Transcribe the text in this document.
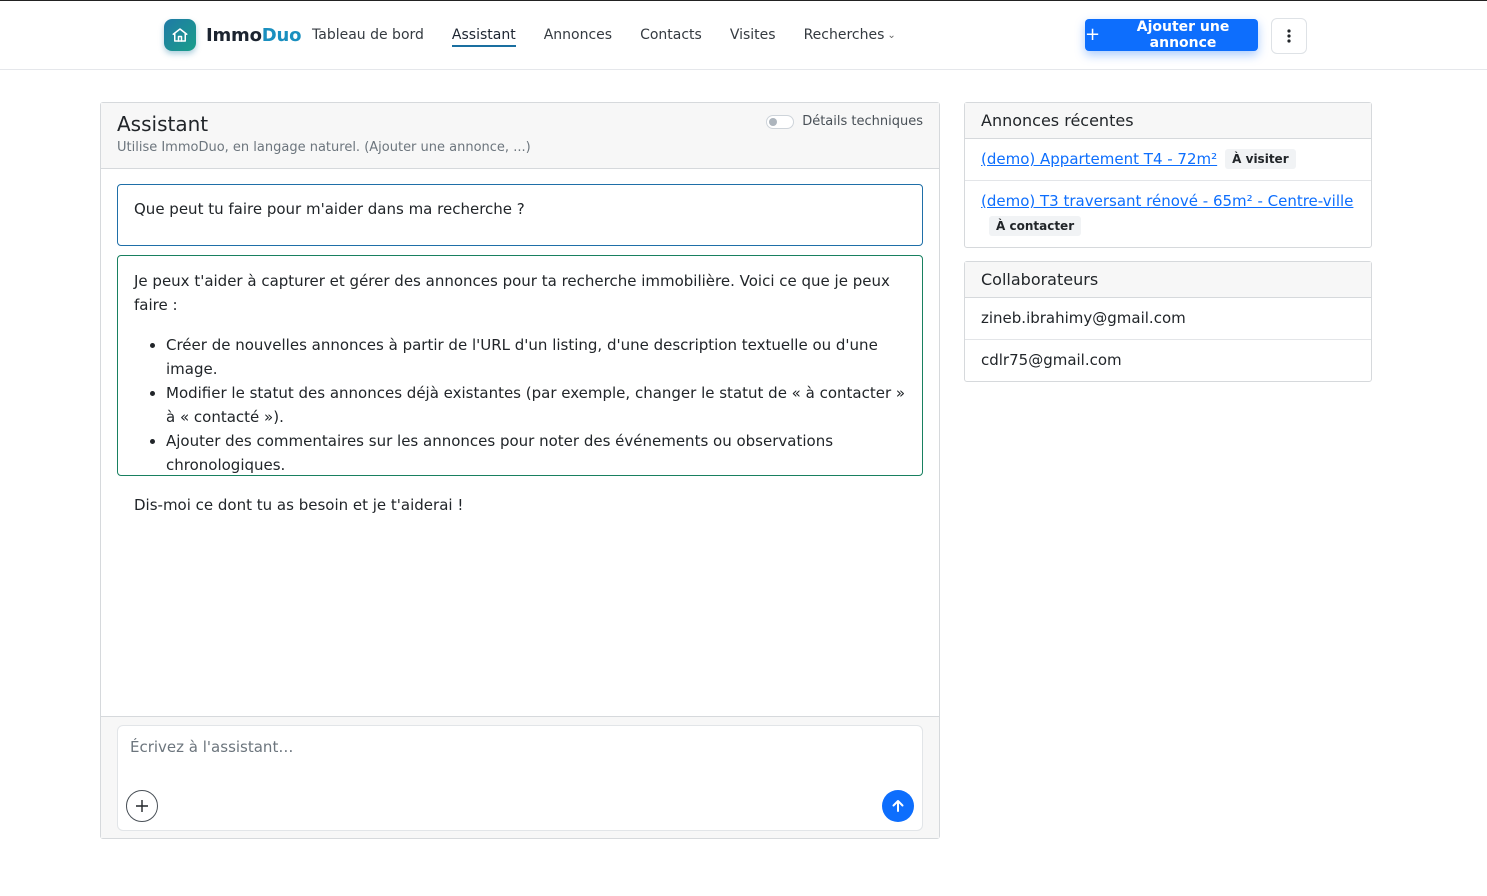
ImmoDuo Tableau de bord Assistant Annonces Contacts Visites Recherches ⌄	+	Ajouter une annonce
Assistant
Utilise ImmoDuo, en langage naturel. (Ajouter une annonce, ...)
Détails techniques
Que peut tu faire pour m'aider dans ma recherche ?
Je peux t'aider à capturer et gérer des annonces pour ta recherche immobilière. Voici ce que je peux faire :
• Créer de nouvelles annonces à partir de l'URL d'un listing, d'une description textuelle ou d'une image.
• Modifier le statut des annonces déjà existantes (par exemple, changer le statut de « à contacter » à « contacté »).
• Ajouter des commentaires sur les annonces pour noter des événements ou observations chronologiques.
Dis-moi ce dont tu as besoin et je t'aiderai !
Écrivez à l'assistant…
Annonces récentes
(demo) Appartement T4 - 72m² À visiter
(demo) T3 traversant rénové - 65m² - Centre-ville
À contacter
Collaborateurs
zineb.ibrahimy@gmail.com
cdlr75@gmail.com
